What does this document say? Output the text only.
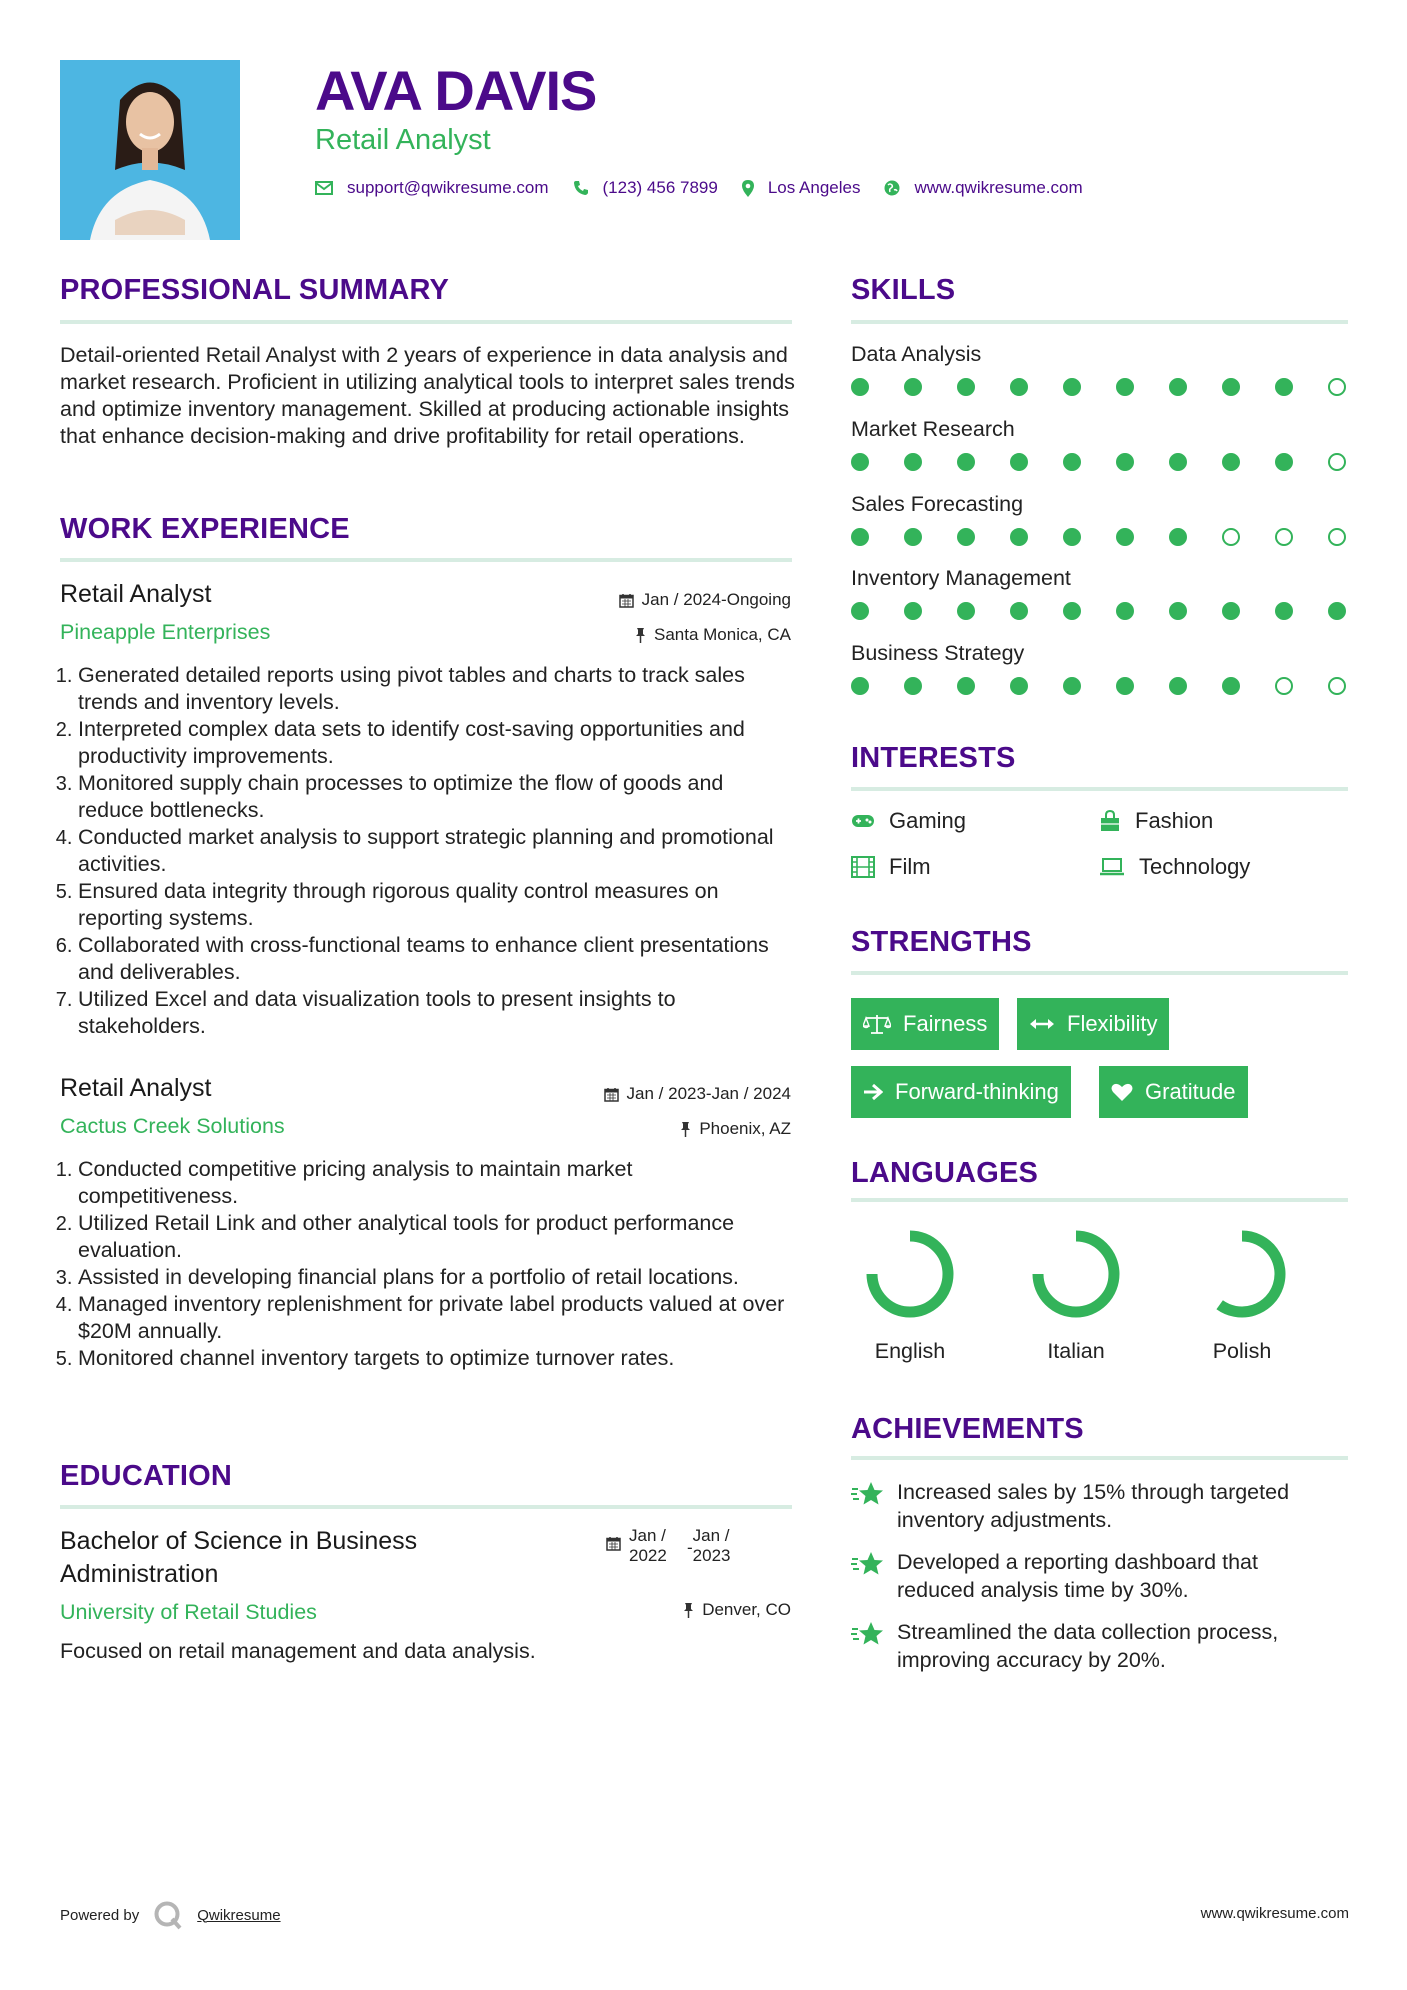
AVA DAVIS
Retail Analyst
support@qwikresume.com	(123) 456 7899	Los Angeles	www.qwikresume.com
PROFESSIONAL SUMMARY
Detail-oriented Retail Analyst with 2 years of experience in data analysis and market research. Proficient in utilizing analytical tools to interpret sales trends and optimize inventory management. Skilled at producing actionable insights that enhance decision-making and drive profitability for retail operations.
WORK EXPERIENCE
Retail Analyst
Pineapple Enterprises
Jan / 2024-Ongoing
Santa Monica, CA
1. Generated detailed reports using pivot tables and charts to track sales trends and inventory levels.
2. Interpreted complex data sets to identify cost-saving opportunities and productivity improvements.
3. Monitored supply chain processes to optimize the flow of goods and reduce bottlenecks.
4. Conducted market analysis to support strategic planning and promotional activities.
5. Ensured data integrity through rigorous quality control measures on reporting systems.
6. Collaborated with cross-functional teams to enhance client presentations and deliverables.
7. Utilized Excel and data visualization tools to present insights to stakeholders.
Retail Analyst
Cactus Creek Solutions
Jan / 2023-Jan / 2024
Phoenix, AZ
1. Conducted competitive pricing analysis to maintain market competitiveness.
2. Utilized Retail Link and other analytical tools for product performance evaluation.
3. Assisted in developing financial plans for a portfolio of retail locations.
4. Managed inventory replenishment for private label products valued at over $20M annually.
5. Monitored channel inventory targets to optimize turnover rates.
EDUCATION
Bachelor of Science in Business Administration
University of Retail Studies
Jan /
2022	-
Jan /
2023
Denver, CO
Focused on retail management and data analysis.
SKILLS
Data Analysis
Market Research
Sales Forecasting
Inventory Management
Business Strategy
INTERESTS
Gaming	Fashion
Film	Technology
STRENGTHS
Fairness	Flexibility
Forward-thinking	Gratitude
LANGUAGES
English	Italian	Polish
ACHIEVEMENTS
Increased sales by 15% through targeted inventory adjustments.
Developed a reporting dashboard that reduced analysis time by 30%.
Streamlined the data collection process, improving accuracy by 20%.
Powered by	Qwikresume	www.qwikresume.com
